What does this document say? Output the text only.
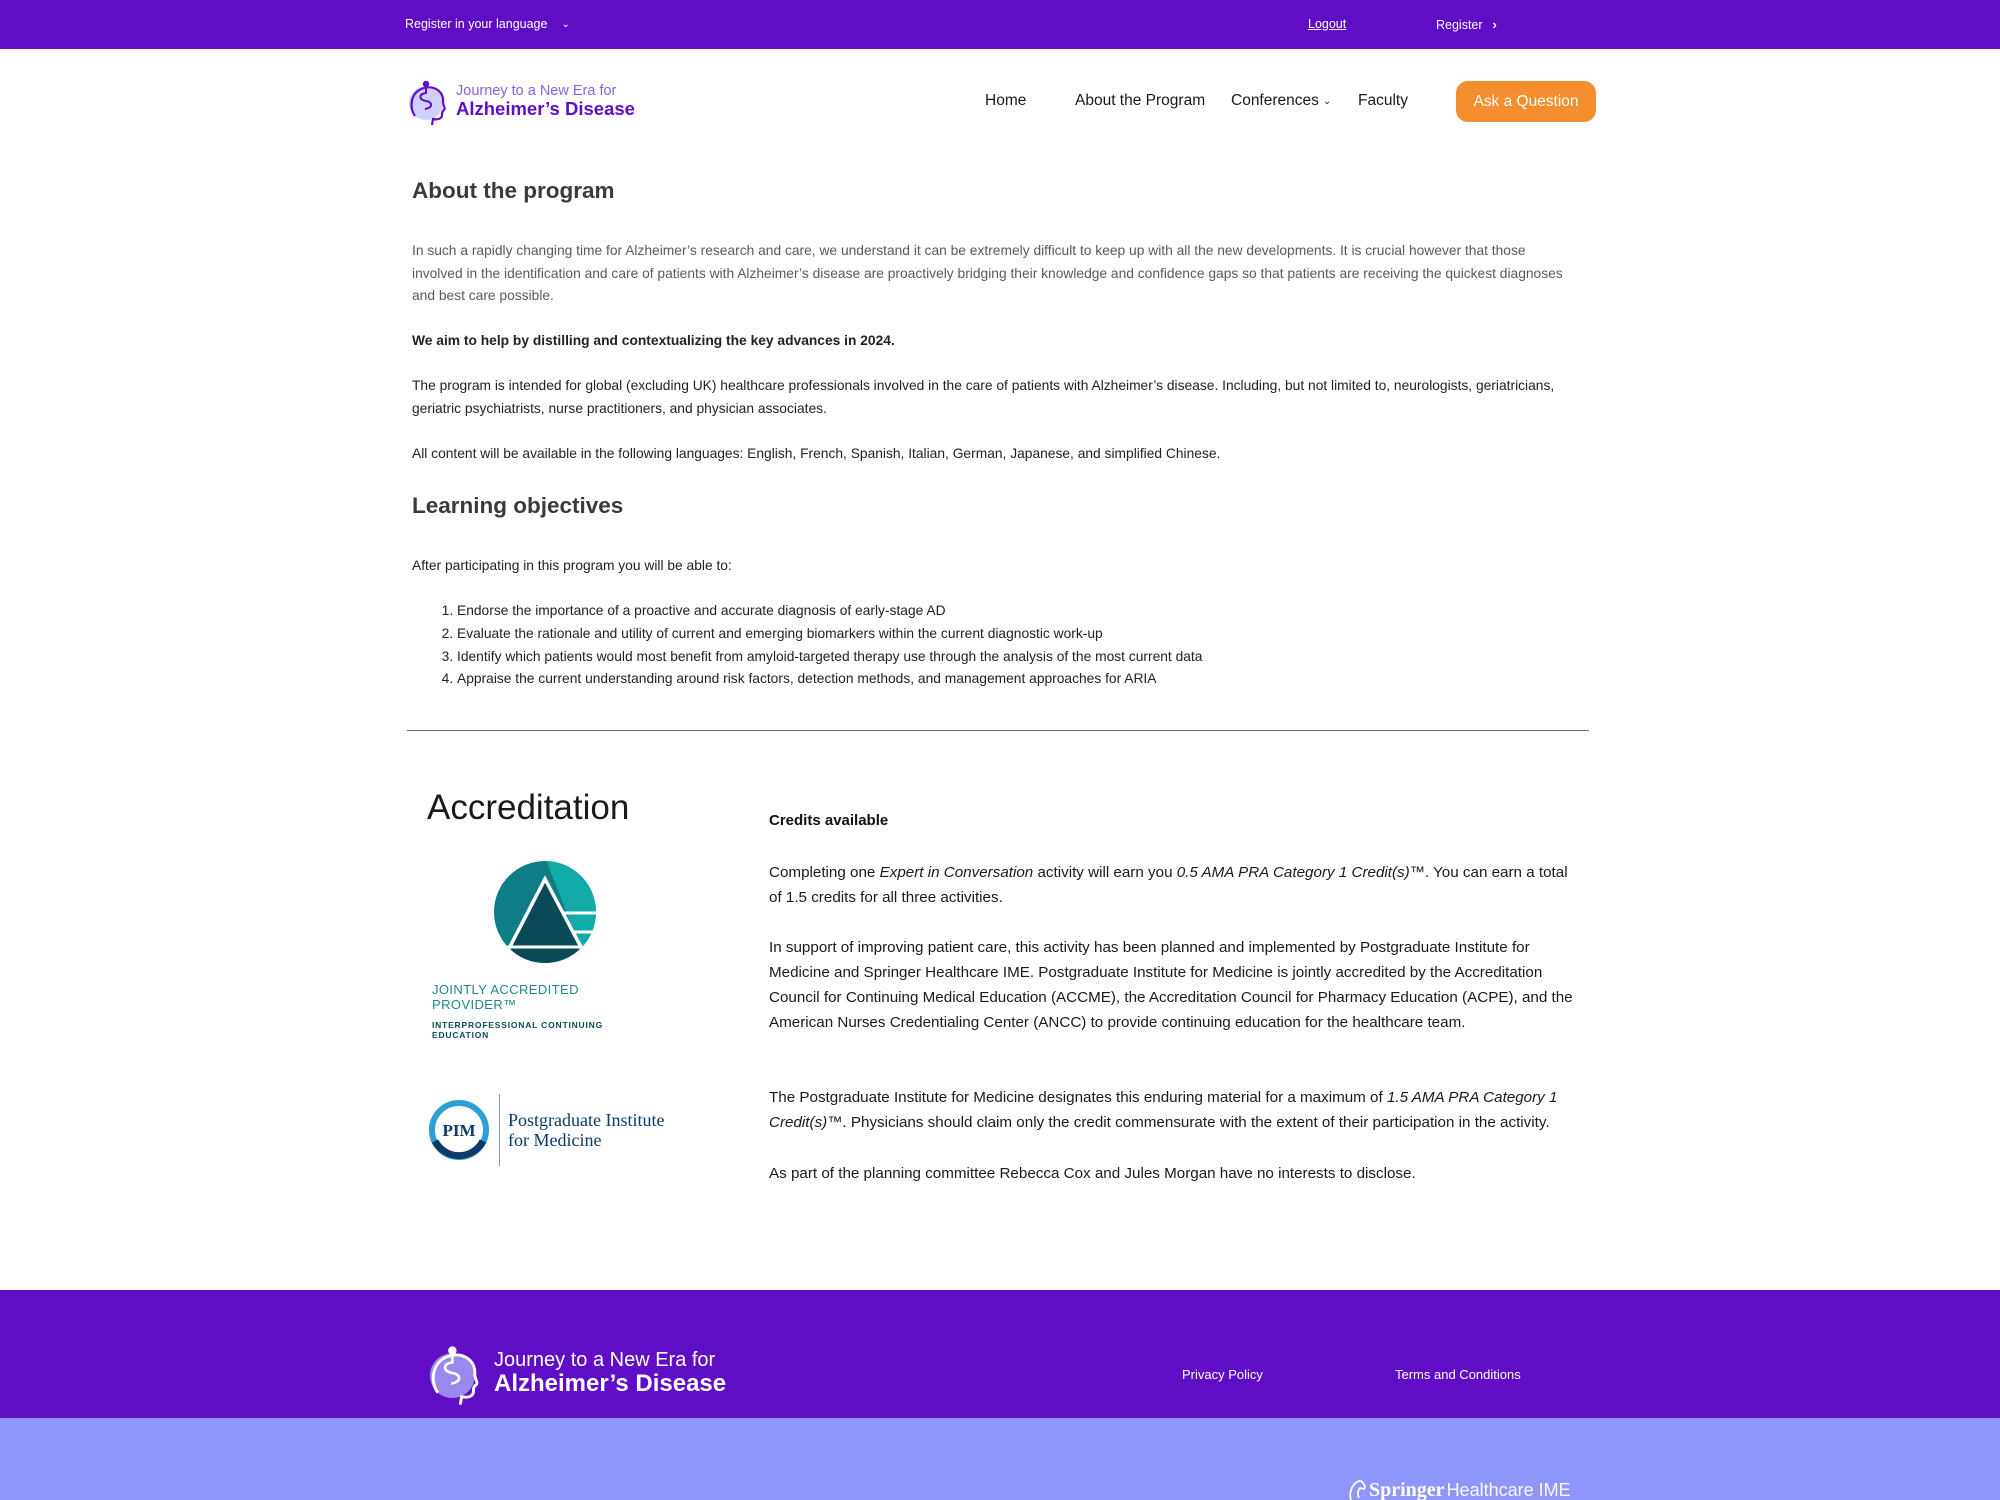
Register in your language ⌄	Logout	Register ›
Journey to a New Era for
Alzheimer’s Disease	Home	About the Program Conferences ⌄ Faculty	Ask a Question
About the program
In such a rapidly changing time for Alzheimer’s research and care, we understand it can be extremely difficult to keep up with all the new developments. It is crucial however that those involved in the identification and care of patients with Alzheimer’s disease are proactively bridging their knowledge and confidence gaps so that patients are receiving the quickest diagnoses and best care possible.
We aim to help by distilling and contextualizing the key advances in 2024.
The program is intended for global (excluding UK) healthcare professionals involved in the care of patients with Alzheimer’s disease. Including, but not limited to, neurologists, geriatricians, geriatric psychiatrists, nurse practitioners, and physician associates.
All content will be available in the following languages: English, French, Spanish, Italian, German, Japanese, and simplified Chinese.
Learning objectives
After participating in this program you will be able to:
1. Endorse the importance of a proactive and accurate diagnosis of early-stage AD
2. Evaluate the rationale and utility of current and emerging biomarkers within the current diagnostic work-up
3. Identify which patients would most benefit from amyloid-targeted therapy use through the analysis of the most current data
4. Appraise the current understanding around risk factors, detection methods, and management approaches for ARIA
Accreditation
JOINTLY ACCREDITED PROVIDER™
INTERPROFESSIONAL CONTINUING EDUCATION
PIM
Postgraduate Institute
for Medicine
Credits available
Completing one Expert in Conversation activity will earn you 0.5 AMA PRA Category 1 Credit(s)™. You can earn a total of 1.5 credits for all three activities.
In support of improving patient care, this activity has been planned and implemented by Postgraduate Institute for Medicine and Springer Healthcare IME. Postgraduate Institute for Medicine is jointly accredited by the Accreditation Council for Continuing Medical Education (ACCME), the Accreditation Council for Pharmacy Education (ACPE), and the American Nurses Credentialing Center (ANCC) to provide continuing education for the healthcare team.
The Postgraduate Institute for Medicine designates this enduring material for a maximum of 1.5 AMA PRA Category 1 Credit(s)™. Physicians should claim only the credit commensurate with the extent of their participation in the activity.
As part of the planning committee Rebecca Cox and Jules Morgan have no interests to disclose.
Journey to a New Era for
Alzheimer’s Disease	Privacy Policy	Terms and Conditions
Springer Healthcare IME
